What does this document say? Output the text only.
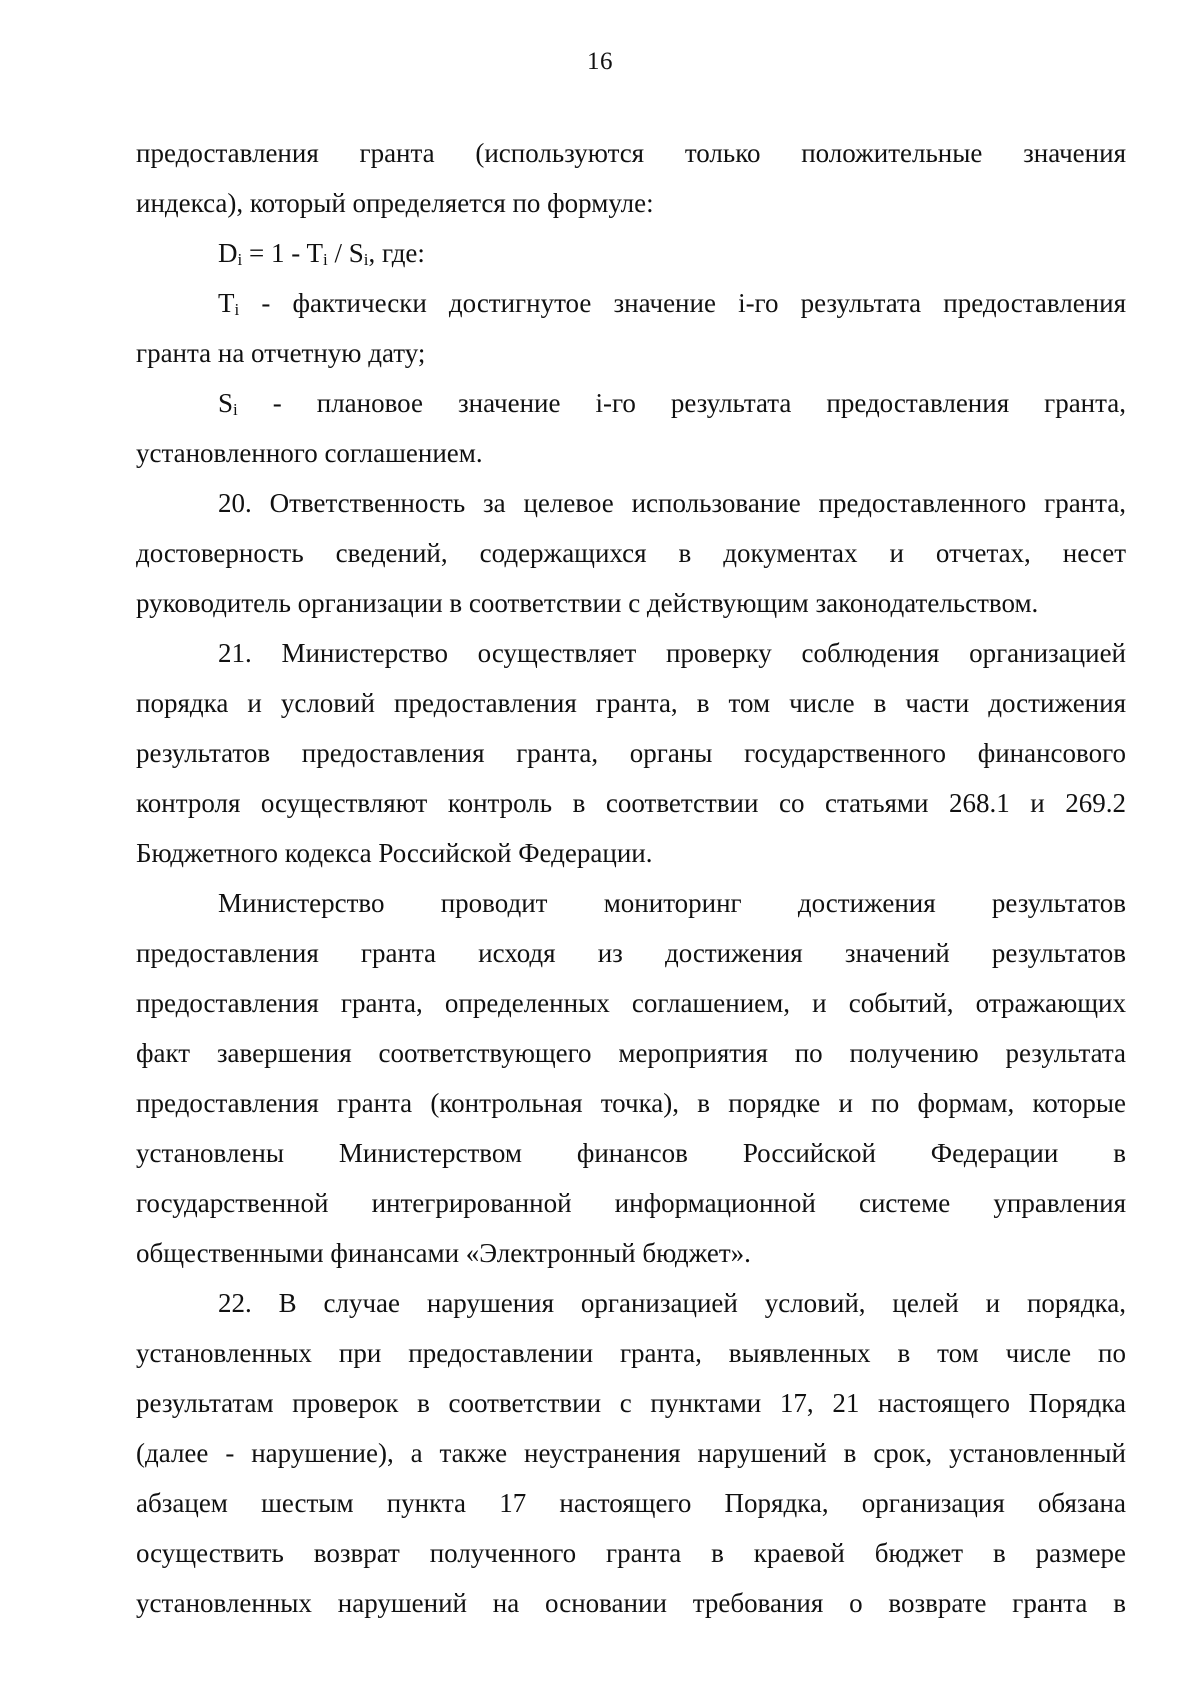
16
предоставления гранта (используются только положительные значения
индекса), который определяется по формуле:
$D_i = 1 - T_i / S_i$, где:
$T_i$ - фактически достигнутое значение i-го результата предоставления
гранта на отчетную дату;
$S_i$ - плановое значение i-го результата предоставления гранта,
установленного соглашением.
20. Ответственность за целевое использование предоставленного гранта,
достоверность сведений, содержащихся в документах и отчетах, несет
руководитель организации в соответствии с действующим законодательством.
21. Министерство осуществляет проверку соблюдения организацией
порядка и условий предоставления гранта, в том числе в части достижения
результатов предоставления гранта, органы государственного финансового
контроля осуществляют контроль в соответствии со статьями 268.1 и 269.2
Бюджетного кодекса Российской Федерации.
Министерство проводит мониторинг достижения результатов
предоставления гранта исходя из достижения значений результатов
предоставления гранта, определенных соглашением, и событий, отражающих
факт завершения соответствующего мероприятия по получению результата
предоставления гранта (контрольная точка), в порядке и по формам, которые
установлены Министерством финансов Российской Федерации в
государственной интегрированной информационной системе управления
общественными финансами «Электронный бюджет».
22. В случае нарушения организацией условий, целей и порядка,
установленных при предоставлении гранта, выявленных в том числе по
результатам проверок в соответствии с пунктами 17, 21 настоящего Порядка
(далее - нарушение), а также неустранения нарушений в срок, установленный
абзацем шестым пункта 17 настоящего Порядка, организация обязана
осуществить возврат полученного гранта в краевой бюджет в размере
установленных нарушений на основании требования о возврате гранта в
